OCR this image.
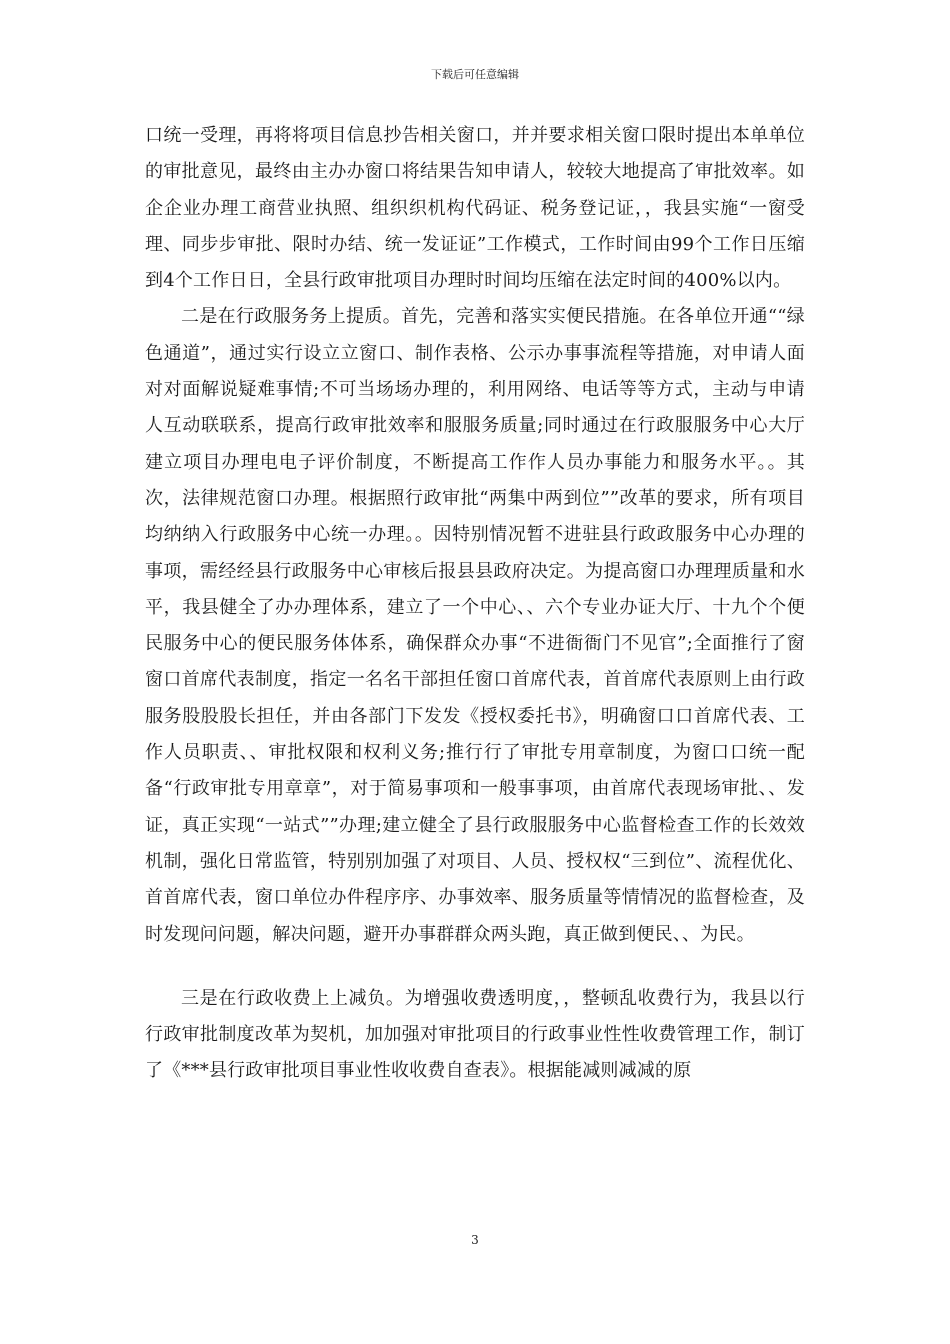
下载后可任意编辑

口统一受理，再将将项目信息抄告相关窗口，并并要求相关窗口限时提出本单单位的审批意见，最终由主办办窗口将结果告知申请人，较较大地提高了审批效率。如企企业办理工商营业执照、组织织机构代码证、税务登记证，，我县实施“一窗受理、同步步审批、限时办结、统一发证证”工作模式，工作时间由99个工作日压缩到4个工作日日，全县行政审批项目办理时时间均压缩在法定时间的400%以内。

二是在行政服务务上提质。首先，完善和落实实便民措施。在各单位开通““绿色通道”，通过实行设立立窗口、制作表格、公示办事事流程等措施，对申请人面对对面解说疑难事情;不可当场场办理的，利用网络、电话等等方式，主动与申请人互动联联系，提高行政审批效率和服服务质量;同时通过在行政服服务中心大厅建立项目办理电电子评价制度，不断提高工作作人员办事能力和服务水平。。其次，法律规范窗口办理。根据照行政审批“两集中两到位””改革的要求，所有项目均纳纳入行政服务中心统一办理。。因特别情况暂不进驻县行政政服务中心办理的事项，需经经县行政服务中心审核后报县县政府决定。为提高窗口办理理质量和水平，我县健全了办办理体系，建立了一个中心、、六个专业办证大厅、十九个个便民服务中心的便民服务体体系，确保群众办事“不进衙衙门不见官”;全面推行了窗窗口首席代表制度，指定一名名干部担任窗口首席代表，首首席代表原则上由行政服务股股股长担任，并由各部门下发发《授权委托书》，明确窗口口首席代表、工作人员职责、、审批权限和权利义务;推行行了审批专用章制度，为窗口口统一配备“行政审批专用章章”，对于简易事项和一般事事项，由首席代表现场审批、、发证，真正实现“一站式””办理;建立健全了县行政服服务中心监督检查工作的长效效机制，强化日常监管，特别别加强了对项目、人员、授权权“三到位”、流程优化、首首席代表，窗口单位办件程序序、办事效率、服务质量等情情况的监督检查，及时发现问问题，解决问题，避开办事群群众两头跑，真正做到便民、、为民。

三是在行政收费上上减负。为增强收费透明度，，整顿乱收费行为，我县以行行政审批制度改革为契机，加加强对审批项目的行政事业性性收费管理工作，制订了《***县行政审批项目事业性收收费自查表》。根据能减则减减的原

3
